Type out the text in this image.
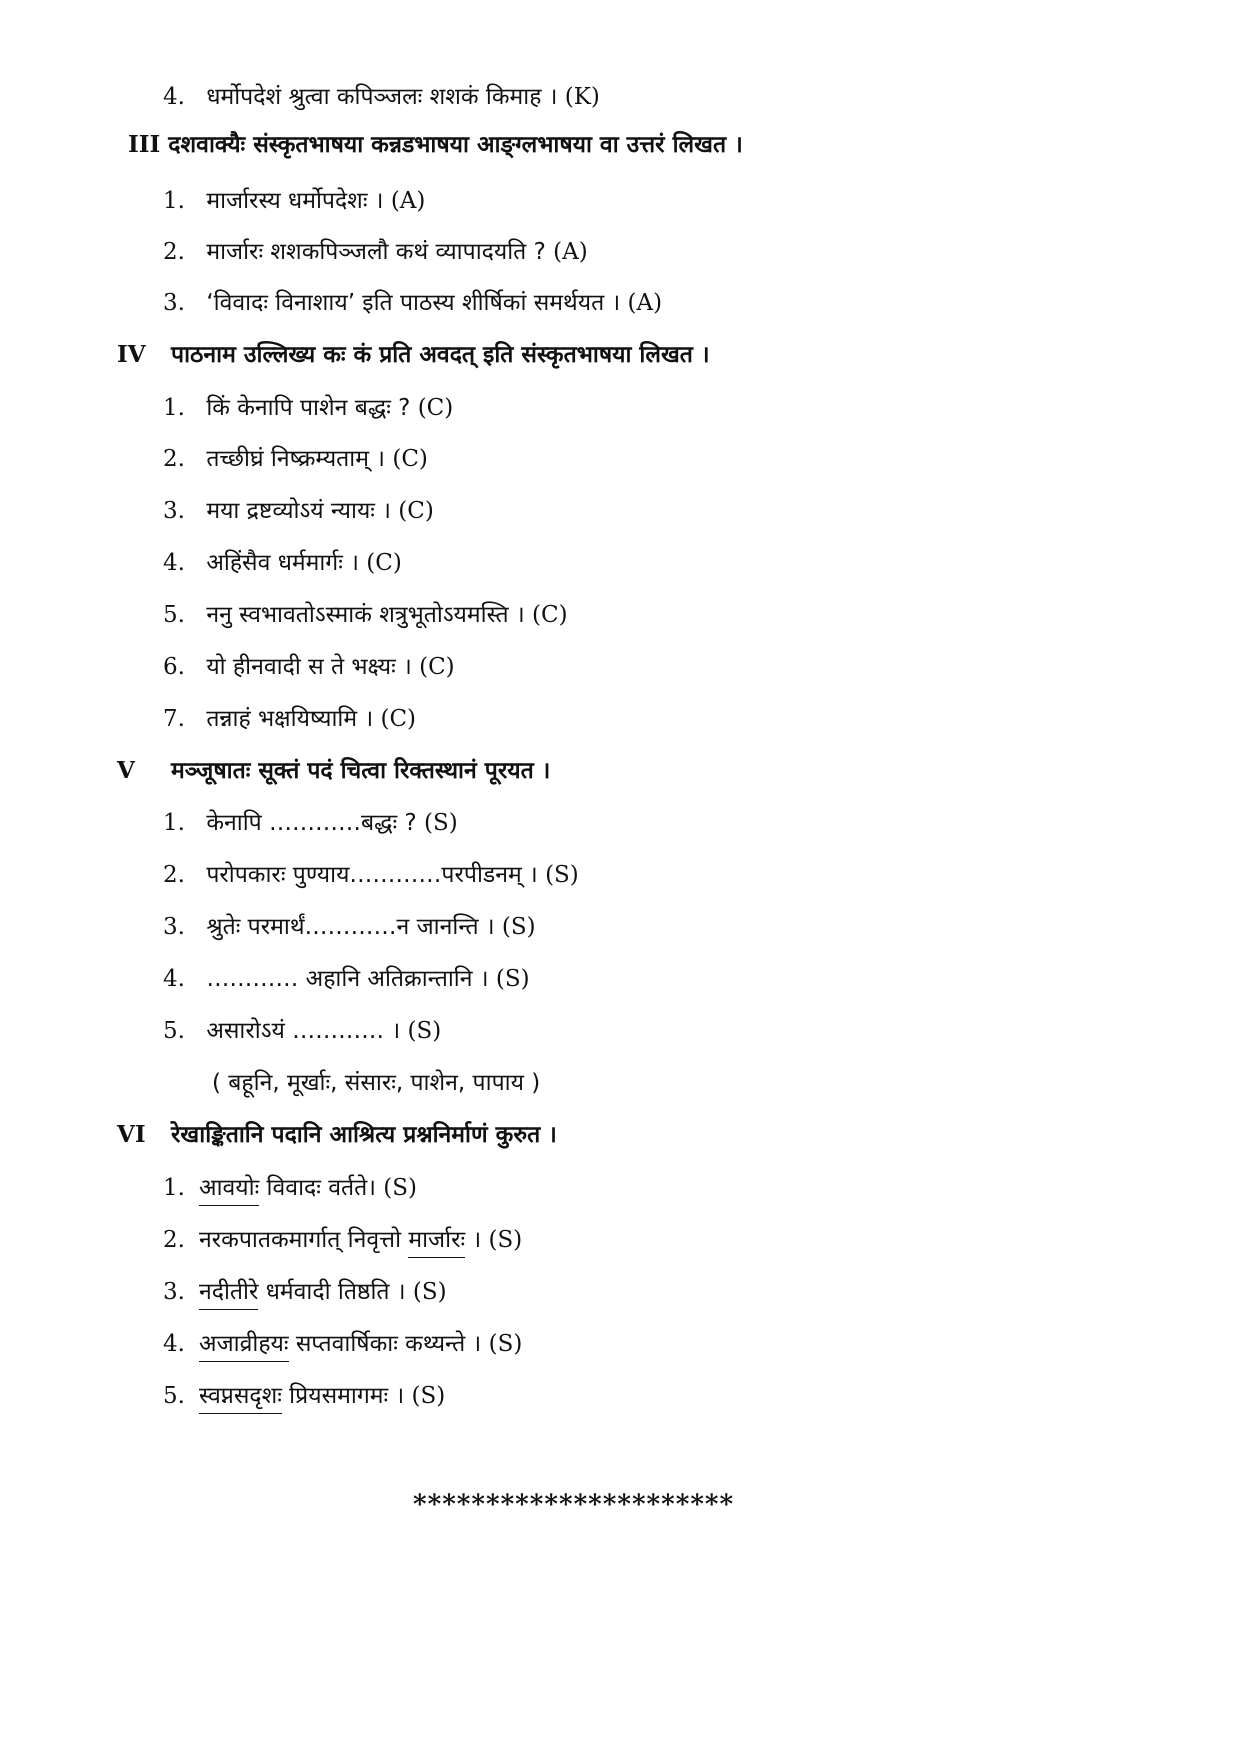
4. धर्मोपदेशं श्रुत्वा कपिञ्जलः शशकं किमाह । (K)
III दशवाक्यैः संस्कृतभाषया कन्नडभाषया आङ्ग्लभाषया वा उत्तरं लिखत ।
1. मार्जारस्य धर्मोपदेशः । (A)
2. मार्जारः शशकपिञ्जलौ कथं व्यापादयति ? (A)
3. ‘विवादः विनाशाय’ इति पाठस्य शीर्षिकां समर्थयत । (A)
IV पाठनाम उल्लिख्य कः कं प्रति अवदत् इति संस्कृतभाषया लिखत ।
1. किं केनापि पाशेन बद्धः ? (C)
2. तच्छीघ्रं निष्क्रम्यताम् । (C)
3. मया द्रष्टव्योऽयं न्यायः । (C)
4. अहिंसैव धर्ममार्गः । (C)
5. ननु स्वभावतोऽस्माकं शत्रुभूतोऽयमस्ति । (C)
6. यो हीनवादी स ते भक्ष्यः । (C)
7. तन्नाहं भक्षयिष्यामि । (C)
V मञ्जूषातः सूक्तं पदं चित्वा रिक्तस्थानं पूरयत ।
1. केनापि …………बद्धः ? (S)
2. परोपकारः पुण्याय…………परपीडनम् । (S)
3. श्रुतेः परमार्थं…………न जानन्ति । (S)
4. ………… अहानि अतिक्रान्तानि । (S)
5. असारोऽयं ………… । (S)
( बहूनि, मूर्खाः, संसारः, पाशेन, पापाय )
VI रेखाङ्कितानि पदानि आश्रित्य प्रश्ननिर्माणं कुरुत ।
1. आवयोः विवादः वर्तते। (S)
2. नरकपातकमार्गात् निवृत्तो मार्जारः । (S)
3. नदीतीरे धर्मवादी तिष्ठति । (S)
4. अजाव्रीहयः सप्तवार्षिकाः कथ्यन्ते । (S)
5. स्वप्नसदृशः प्रियसमागमः । (S)
**********************
